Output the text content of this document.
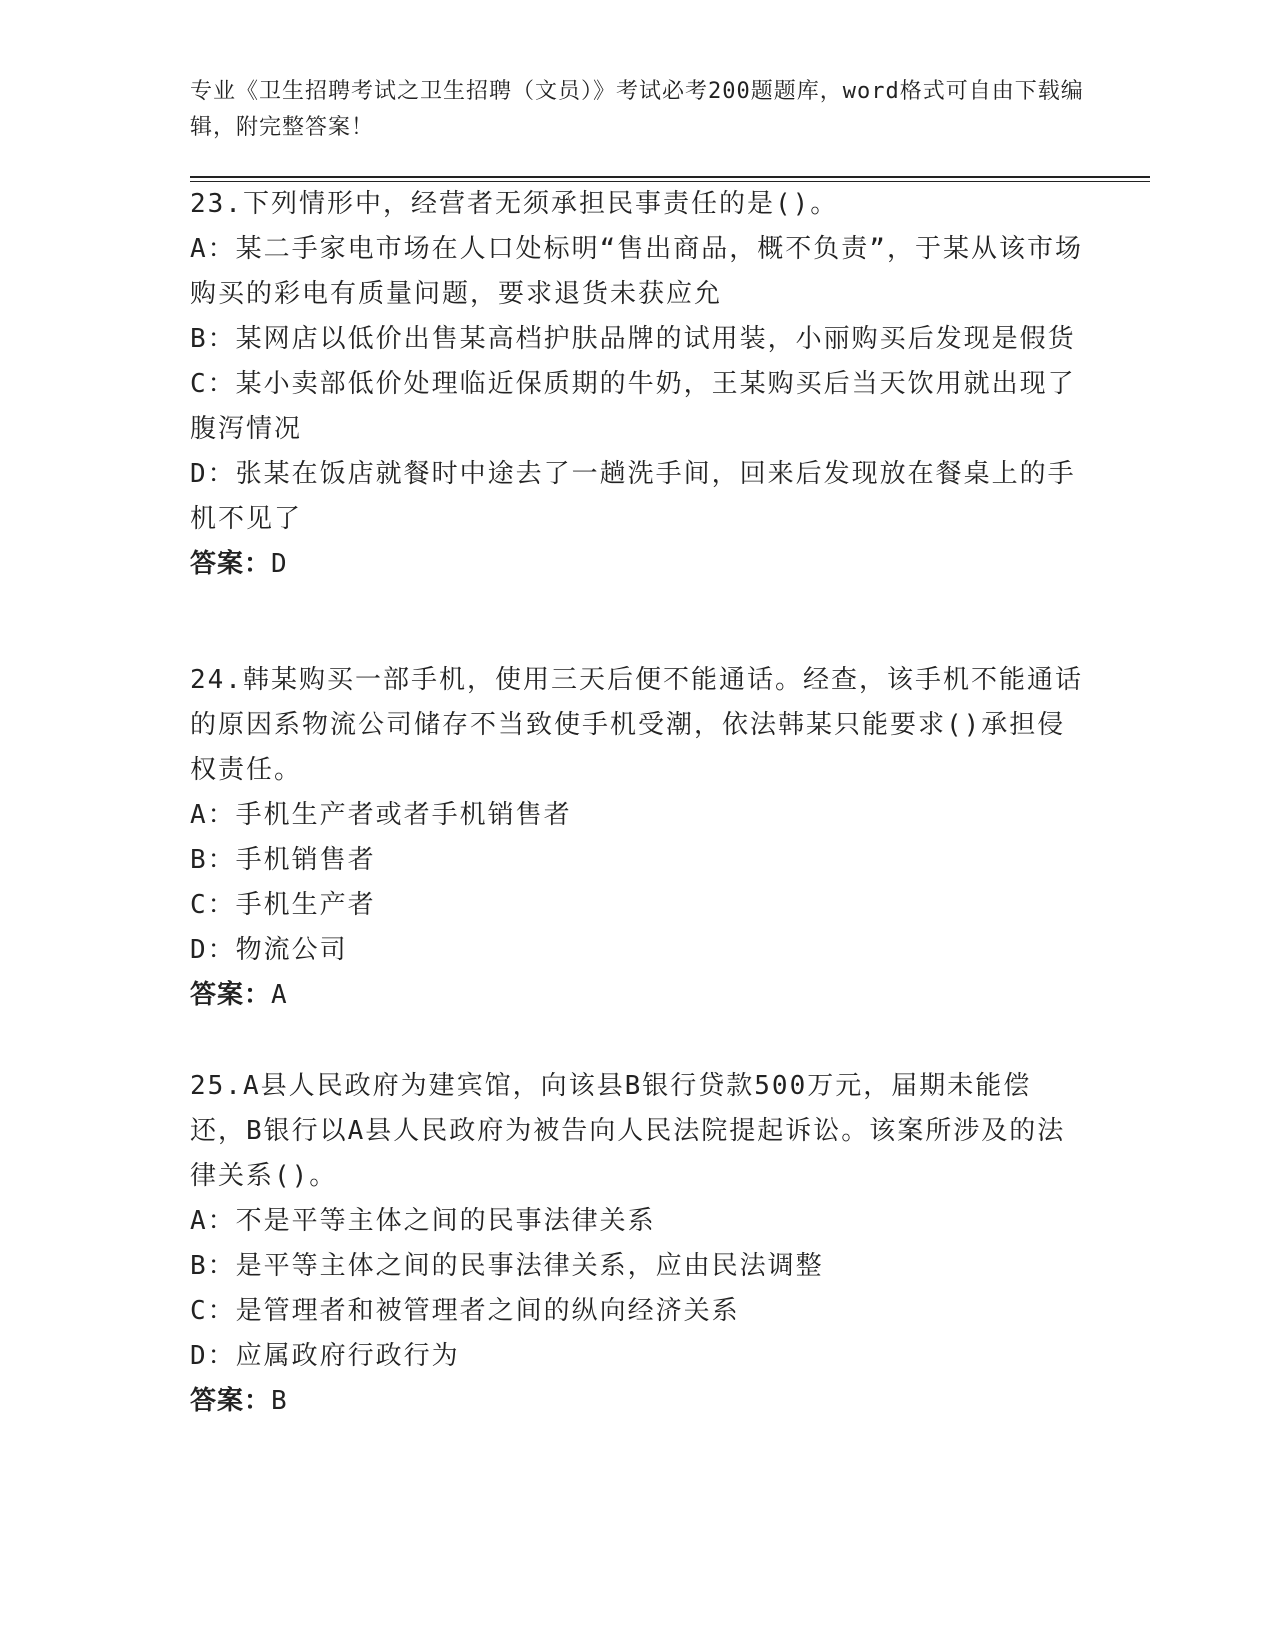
专业《卫生招聘考试之卫生招聘（文员）》考试必考200题题库，word格式可自由下载编辑，附完整答案！
23.下列情形中，经营者无须承担民事责任的是()。
A：某二手家电市场在人口处标明“售出商品，概不负责”，于某从该市场购买的彩电有质量问题，要求退货未获应允
B：某网店以低价出售某高档护肤品牌的试用装，小丽购买后发现是假货
C：某小卖部低价处理临近保质期的牛奶，王某购买后当天饮用就出现了腹泻情况
D：张某在饭店就餐时中途去了一趟洗手间，回来后发现放在餐桌上的手机不见了
答案：D
24.韩某购买一部手机，使用三天后便不能通话。经查，该手机不能通话的原因系物流公司储存不当致使手机受潮，依法韩某只能要求()承担侵权责任。
A：手机生产者或者手机销售者
B：手机销售者
C：手机生产者
D：物流公司
答案：A
25.A县人民政府为建宾馆，向该县B银行贷款500万元，届期未能偿还，B银行以A县人民政府为被告向人民法院提起诉讼。该案所涉及的法律关系()。
A：不是平等主体之间的民事法律关系
B：是平等主体之间的民事法律关系，应由民法调整
C：是管理者和被管理者之间的纵向经济关系
D：应属政府行政行为
答案：B
